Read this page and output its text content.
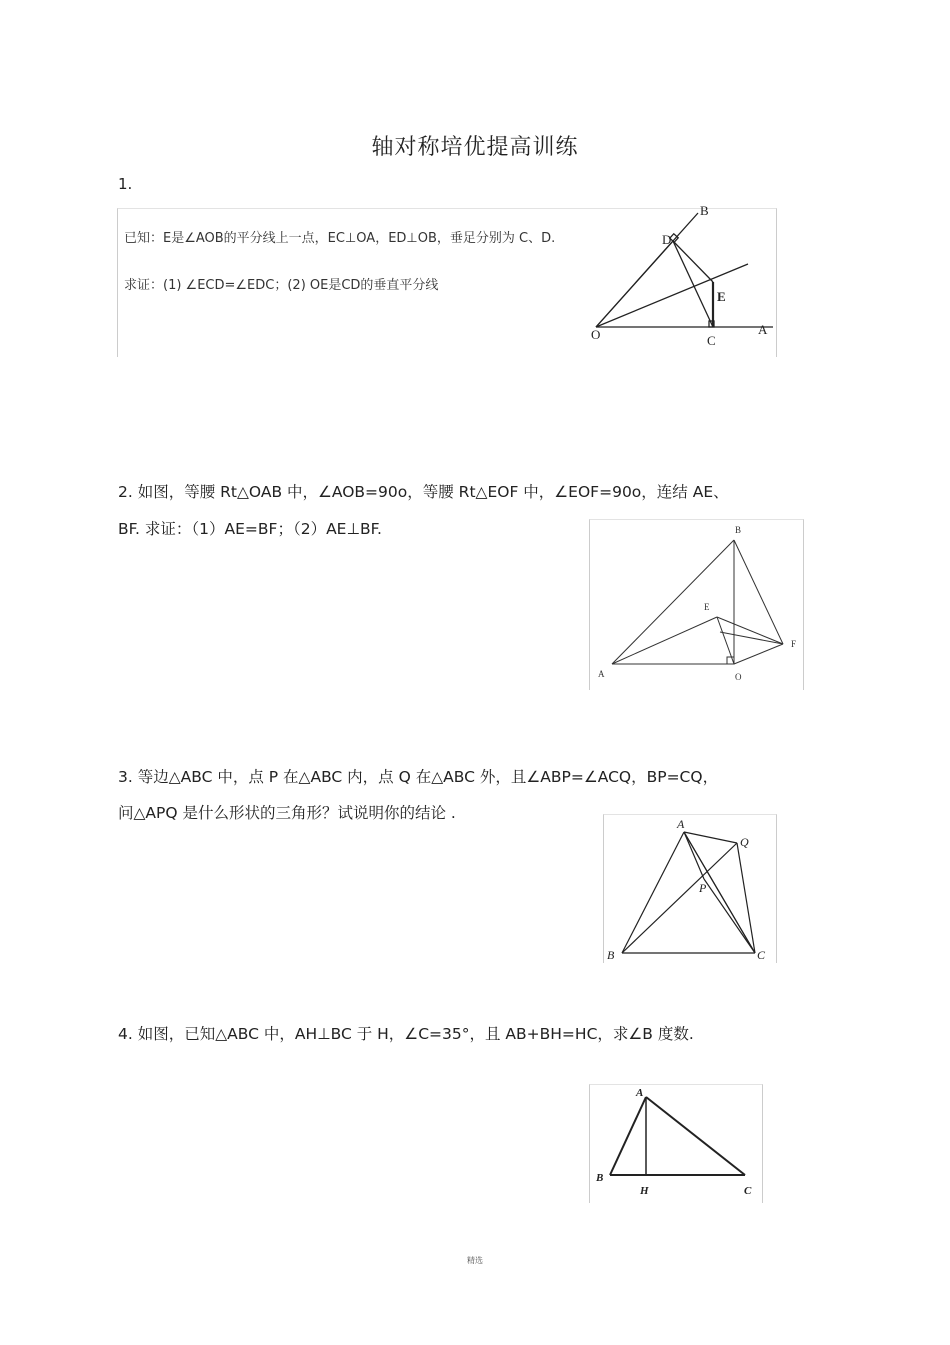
轴对称培优提高训练
1.
已知：E是∠AOB的平分线上一点，EC⊥OA，ED⊥OB，垂足分别为 C、D.
求证：(1) ∠ECD=∠EDC；(2) OE是CD的垂直平分线
B
D
E
O	C
A
2. 如图，等腰 Rt△OAB 中，∠AOB=90o，等腰 Rt△EOF 中，∠EOF=90o，连结 AE、
BF. 求证：（1）AE=BF；（2）AE⊥BF.	B
E
F
A	O
3. 等边△ABC 中，点 P 在△ABC 内，点 Q 在△ABC 外，且∠ABP=∠ACQ，BP=CQ，
问△APQ 是什么形状的三角形？试说明你的结论 .
A
Q
P
B	C
4. 如图，已知△ABC 中，AH⊥BC 于 H，∠C=35°，且 AB+BH=HC，求∠B 度数.
A
B
H	C
精选
